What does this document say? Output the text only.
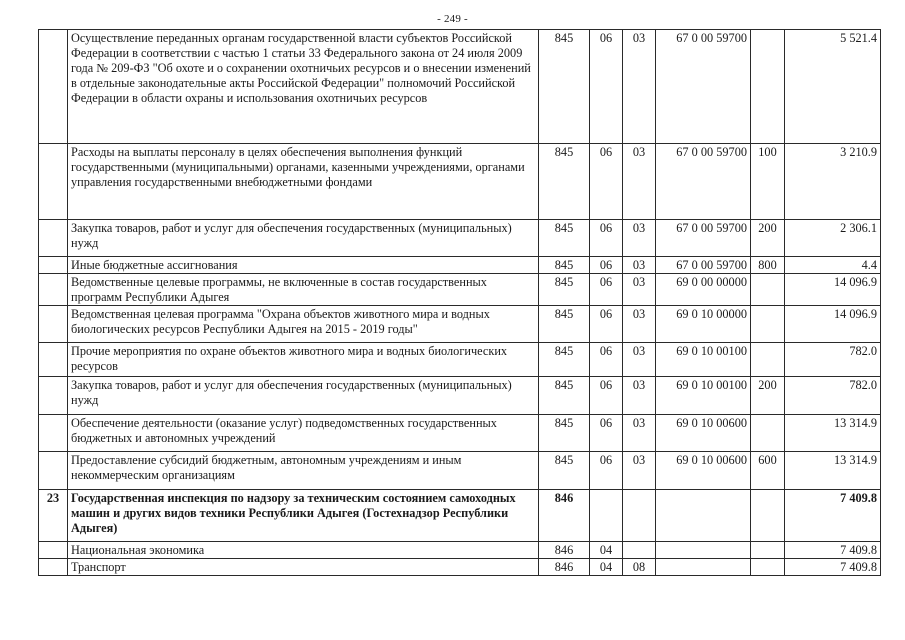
- 249 -
	Осуществление переданных органам государственной власти субъектов Российской Федерации в соответствии с частью 1 статьи 33 Федерального закона от 24 июля 2009 года № 209-ФЗ "Об охоте и о сохранении охотничьих ресурсов и о внесении изменений в отдельные законодательные акты Российской Федерации" полномочий Российской Федерации в области охраны и использования охотничьих ресурсов	845	06	03	67 0 00 59700		5 521.4
	Расходы на выплаты персоналу в целях обеспечения выполнения функций государственными (муниципальными) органами, казенными учреждениями, органами управления государственными внебюджетными фондами	845	06	03	67 0 00 59700	100	3 210.9
	Закупка товаров, работ и услуг для обеспечения государственных (муниципальных) нужд	845	06	03	67 0 00 59700	200	2 306.1
	Иные бюджетные ассигнования	845	06	03	67 0 00 59700	800	4.4
	Ведомственные целевые программы, не включенные в состав государственных программ Республики Адыгея	845	06	03	69 0 00 00000		14 096.9
	Ведомственная целевая программа "Охрана объектов животного мира и водных биологических ресурсов Республики Адыгея на 2015 - 2019 годы"	845	06	03	69 0 10 00000		14 096.9
	Прочие мероприятия по охране объектов животного мира и водных биологических ресурсов	845	06	03	69 0 10 00100		782.0
	Закупка товаров, работ и услуг для обеспечения государственных (муниципальных) нужд	845	06	03	69 0 10 00100	200	782.0
	Обеспечение деятельности (оказание услуг) подведомственных государственных бюджетных и автономных учреждений	845	06	03	69 0 10 00600		13 314.9
	Предоставление субсидий бюджетным, автономным учреждениям и иным некоммерческим организациям	845	06	03	69 0 10 00600	600	13 314.9
23	Государственная инспекция по надзору за техническим состоянием самоходных машин и других видов техники Республики Адыгея (Гостехнадзор Республики Адыгея)	846					7 409.8
	Национальная экономика	846	04				7 409.8
	Транспорт	846	04	08			7 409.8
